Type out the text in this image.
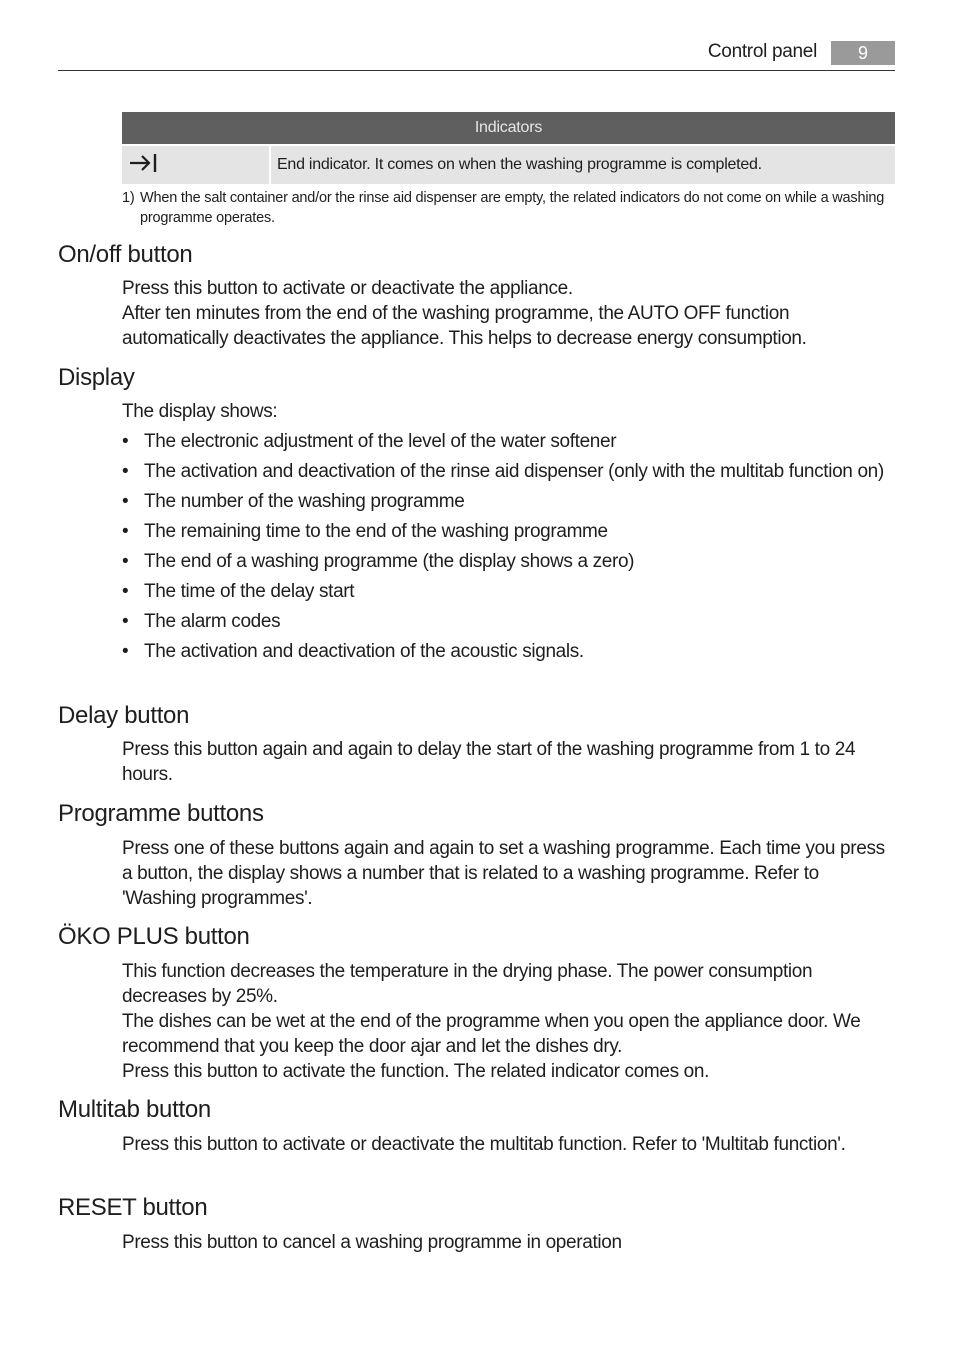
Control panel	9
Indicators
	End indicator. It comes on when the washing programme is completed.
1) When the salt container and/or the rinse aid dispenser are empty, the related indicators do not come on while a washing programme operates.
On/off button

Press this button to activate or deactivate the appliance.

After ten minutes from the end of the washing programme, the AUTO OFF function automatically deactivates the appliance. This helps to decrease energy consumption.

Display

The display shows:

• The electronic adjustment of the level of the water softener
• The activation and deactivation of the rinse aid dispenser (only with the multitab function on)
• The number of the washing programme
• The remaining time to the end of the washing programme
• The end of a washing programme (the display shows a zero)
• The time of the delay start
• The alarm codes
• The activation and deactivation of the acoustic signals.
Delay button

Press this button again and again to delay the start of the washing programme from 1 to 24 hours.

Programme buttons

Press one of these buttons again and again to set a washing programme. Each time you press a button, the display shows a number that is related to a washing programme. Refer to 'Washing programmes'.

ÖKO PLUS button

This function decreases the temperature in the drying phase. The power consumption decreases by 25%.

The dishes can be wet at the end of the programme when you open the appliance door. We recommend that you keep the door ajar and let the dishes dry.

Press this button to activate the function. The related indicator comes on.

Multitab button

Press this button to activate or deactivate the multitab function. Refer to 'Multitab function'.

RESET button

Press this button to cancel a washing programme in operation
